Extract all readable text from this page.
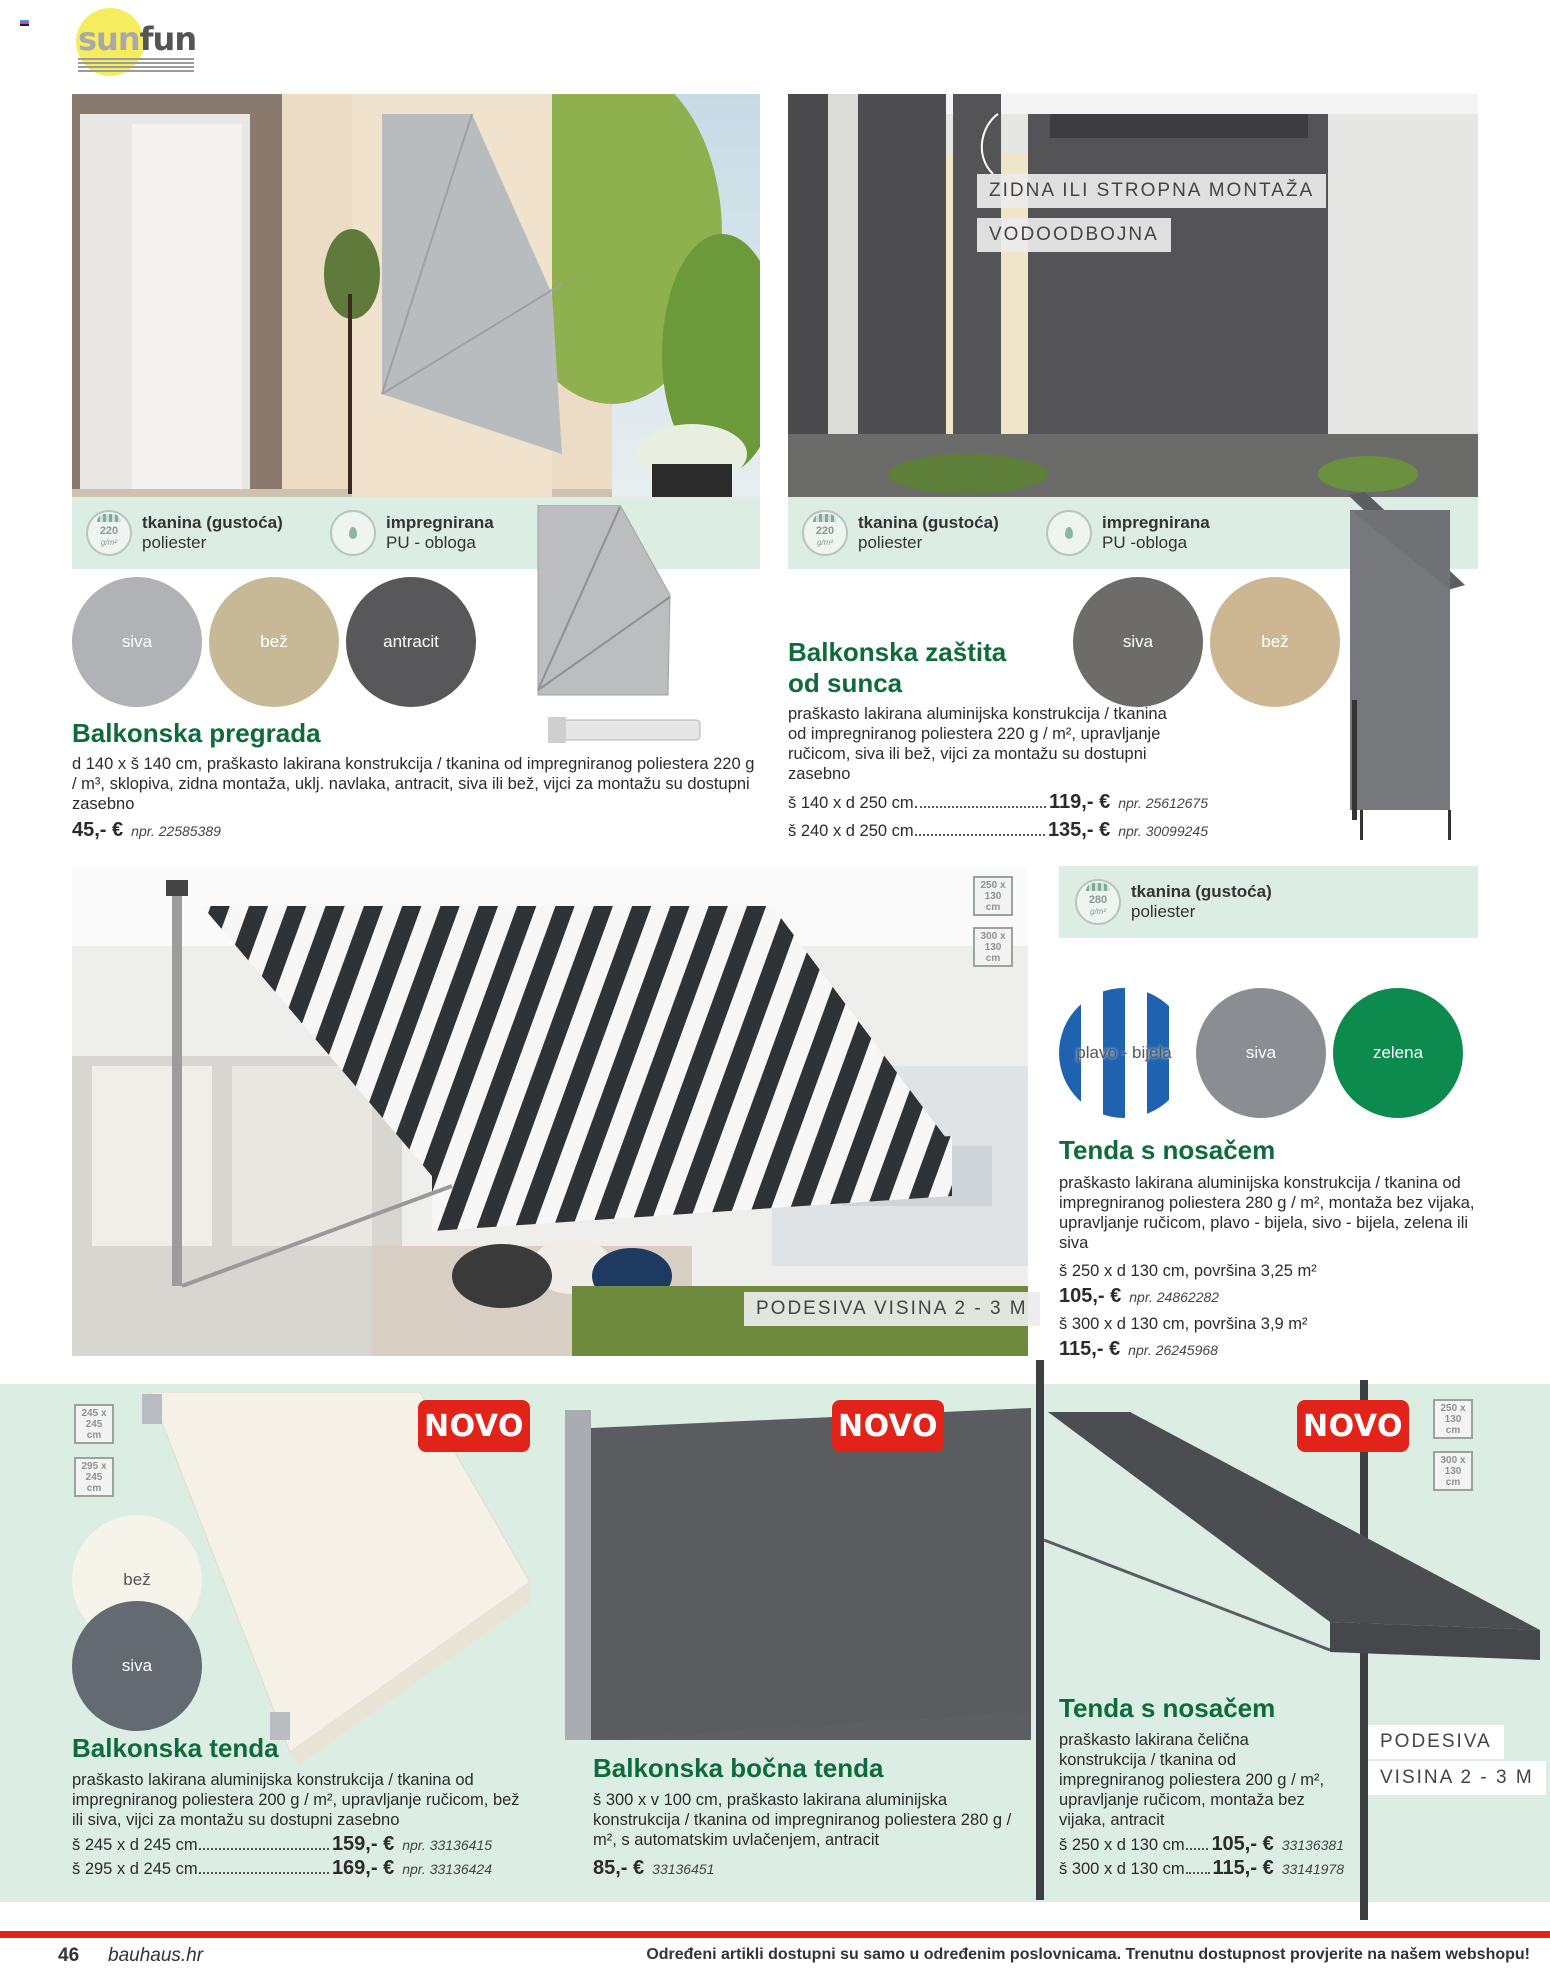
sunfun
220
g/m²
tkanina (gustoća)
poliester
impregnirana
PU - obloga
siva	bež	antracit
Balkonska pregrada
d 140 x š 140 cm, praškasto lakirana konstrukcija / tkanina od impregniranog poliestera 220 g / m³, sklopiva, zidna montaža, uklj. navlaka, antracit, siva ili bež, vijci za montažu su dostupni zasebno
45,- € npr. 22585389
ZIDNA ILI STROPNA MONTAŽA
VODOODBOJNA
220
g/m²
tkanina (gustoća)
poliester
impregnirana
PU -obloga
siva	bež
Balkonska zaštita
od sunca
praškasto lakirana aluminijska konstrukcija / tkanina od impregniranog poliestera 220 g / m², upravljanje ručicom, siva ili bež, vijci za montažu su dostupni zasebno
š 140 x d 250 cm	119,- € npr. 25612675
š 240 x d 250 cm	135,- € npr. 30099245
250 x
130
cm
300 x
130
cm
PODESIVA VISINA 2 - 3 M
280
g/m²
tkanina (gustoća)
poliester
plavo - bijela	siva	zelena
Tenda s nosačem
praškasto lakirana aluminijska konstrukcija / tkanina od impregniranog poliestera 280 g / m², montaža bez vijaka, upravljanje ručicom, plavo - bijela, sivo - bijela, zelena ili siva
š 250 x d 130 cm, površina 3,25 m²
105,- € npr. 24862282
š 300 x d 130 cm, površina 3,9 m²
115,- € npr. 26245968
NOVO
245 x
245
cm
295 x
245
cm
bež
siva
Balkonska tenda
praškasto lakirana aluminijska konstrukcija / tkanina od impregniranog poliestera 200 g / m², upravljanje ručicom, bež ili siva, vijci za montažu su dostupni zasebno
š 245 x d 245 cm	159,- € npr. 33136415
š 295 x d 245 cm	169,- € npr. 33136424
NOVO
Balkonska bočna tenda
š 300 x v 100 cm, praškasto lakirana aluminijska konstrukcija / tkanina od impregniranog poliestera 280 g / m², s automatskim uvlačenjem, antracit
85,- € 33136451
NOVO
250 x
130
cm
300 x
130
cm
Tenda s nosačem
praškasto lakirana čelična konstrukcija / tkanina od impregniranog poliestera 200 g / m², upravljanje ručicom, montaža bez vijaka, antracit
š 250 x d 130 cm 105,- € 33136381
š 300 x d 130 cm 115,- € 33141978
PODESIVA
VISINA 2 - 3 M
46 bauhaus.hr	Određeni artikli dostupni su samo u određenim poslovnicama. Trenutnu dostupnost provjerite na našem webshopu!
